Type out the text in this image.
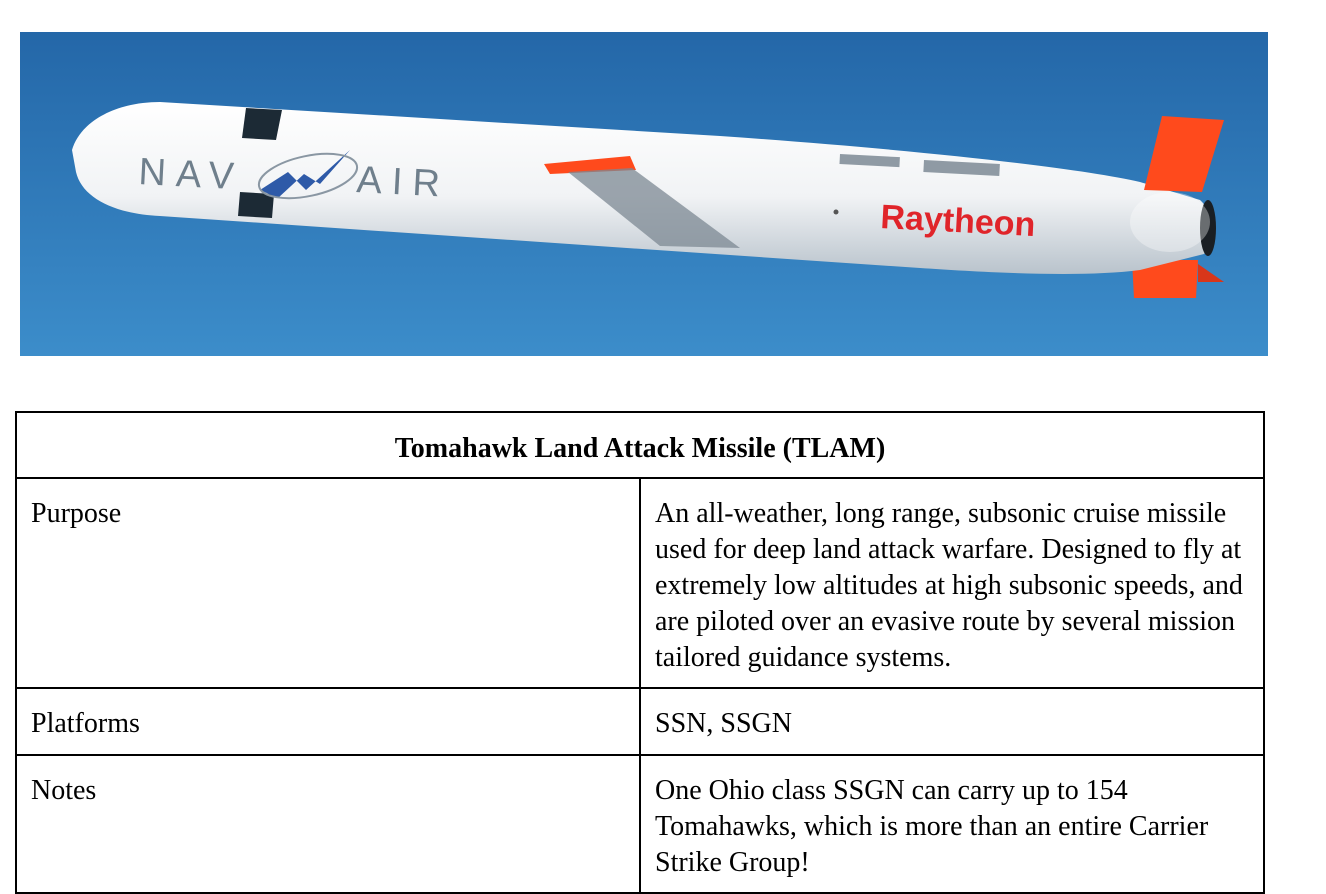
NAV	AIR
Raytheon
Tomahawk Land Attack Missile (TLAM)	
Purpose	An all-weather, long range, subsonic cruise missile used for deep land attack warfare. Designed to fly at extremely low altitudes at high subsonic speeds, and are piloted over an evasive route by several mission tailored guidance systems.
Platforms	SSN, SSGN
Notes	One Ohio class SSGN can carry up to 154 Tomahawks, which is more than an entire Carrier Strike Group!
